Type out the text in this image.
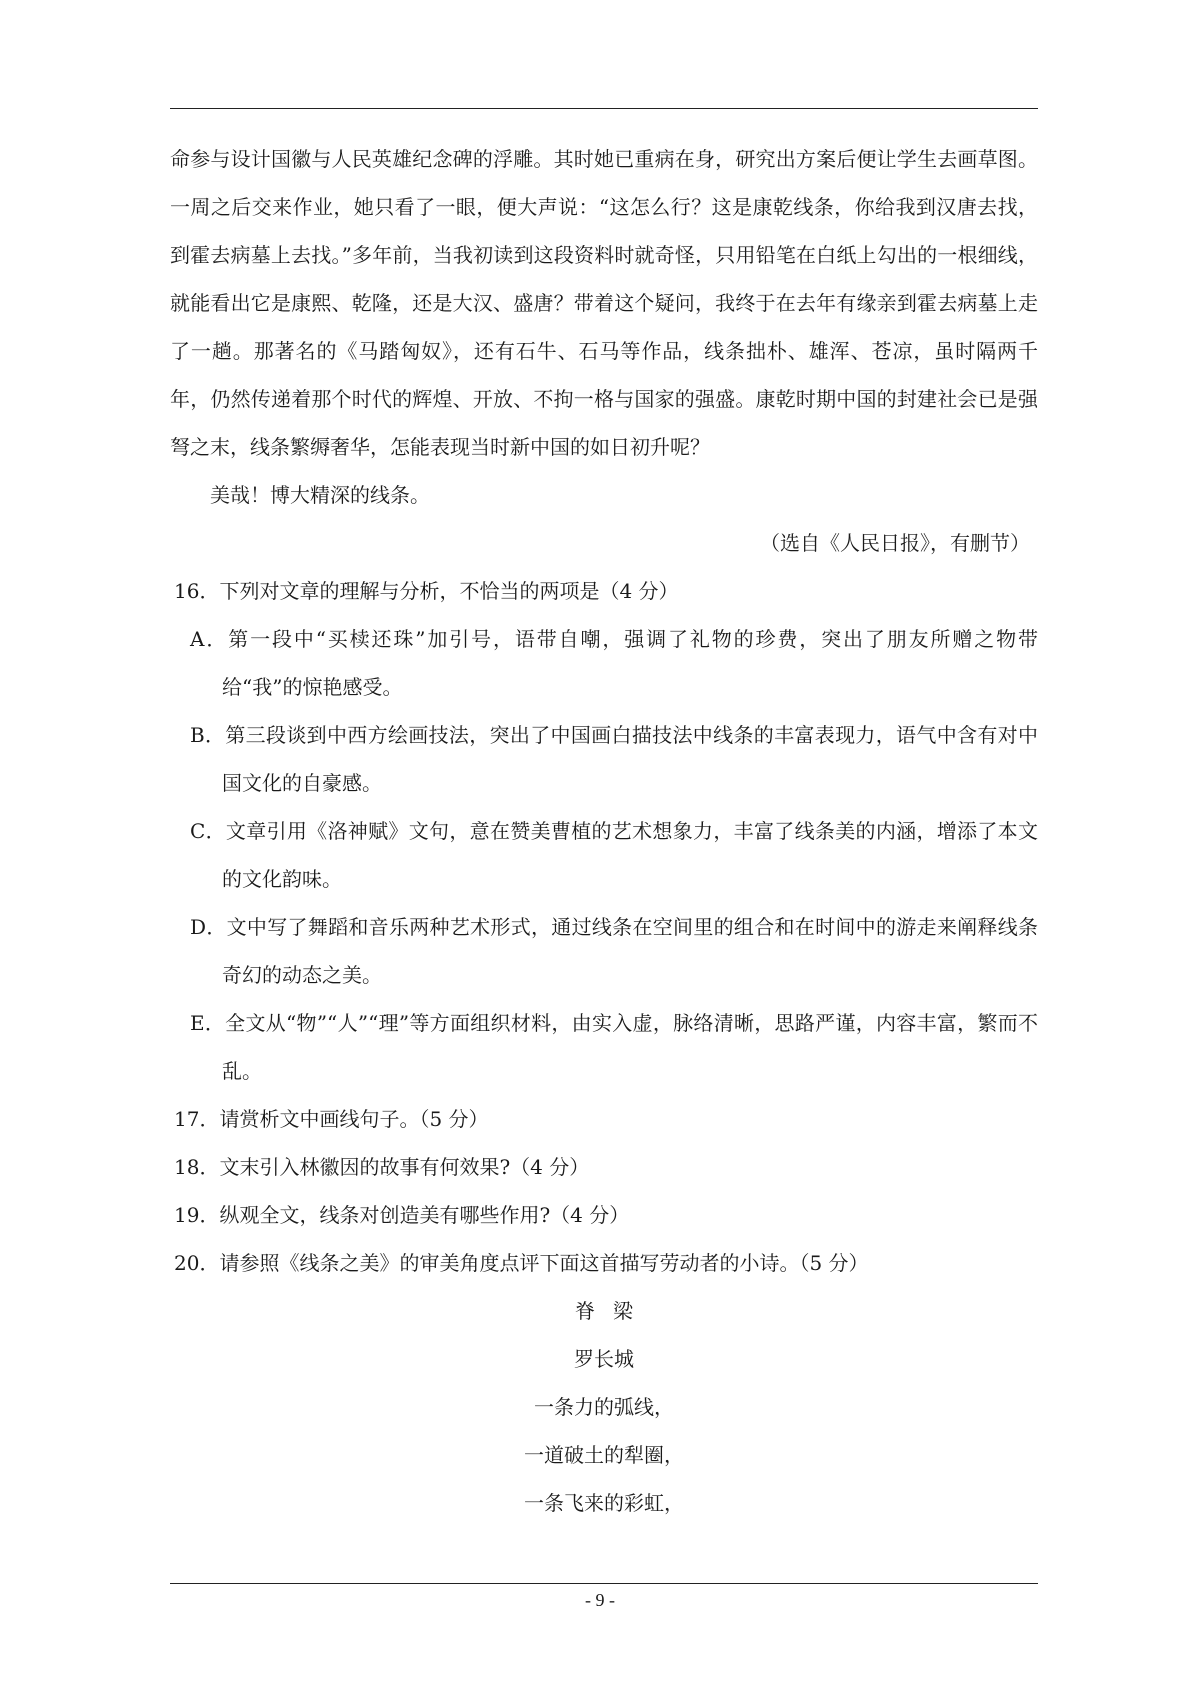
命参与设计国徽与人民英雄纪念碑的浮雕。其时她已重病在身，研究出方案后便让学生去画草图。一周之后交来作业，她只看了一眼，便大声说：“这怎么行？这是康乾线条，你给我到汉唐去找，到霍去病墓上去找。”多年前，当我初读到这段资料时就奇怪，只用铅笔在白纸上勾出的一根细线，就能看出它是康熙、乾隆，还是大汉、盛唐？带着这个疑问，我终于在去年有缘亲到霍去病墓上走了一趟。那著名的《马踏匈奴》，还有石牛、石马等作品，线条拙朴、雄浑、苍凉，虽时隔两千年，仍然传递着那个时代的辉煌、开放、不拘一格与国家的强盛。康乾时期中国的封建社会已是强弩之末，线条繁缛奢华，怎能表现当时新中国的如日初升呢？

美哉！博大精深的线条。

（选自《人民日报》，有删节）

16．下列对文章的理解与分析，不恰当的两项是（4 分）

A．第一段中“买椟还珠”加引号，语带自嘲，强调了礼物的珍费，突出了朋友所赠之物带给“我”的惊艳感受。

B．第三段谈到中西方绘画技法，突出了中国画白描技法中线条的丰富表现力，语气中含有对中国文化的自豪感。

C．文章引用《洛神赋》文句，意在赞美曹植的艺术想象力，丰富了线条美的内涵，增添了本文的文化韵味。

D．文中写了舞蹈和音乐两种艺术形式，通过线条在空间里的组合和在时间中的游走来阐释线条奇幻的动态之美。

E．全文从“物”“人”“理”等方面组织材料，由实入虚，脉络清晰，思路严谨，内容丰富，繁而不乱。

17．请赏析文中画线句子。（5 分）

18．文末引入林徽因的故事有何效果?（4 分）

19．纵观全文，线条对创造美有哪些作用?（4 分）

20．请参照《线条之美》的审美角度点评下面这首描写劳动者的小诗。（5 分）

脊梁

罗长城

一条力的弧线，

一道破土的犁圈，

一条飞来的彩虹，

- 9 -
